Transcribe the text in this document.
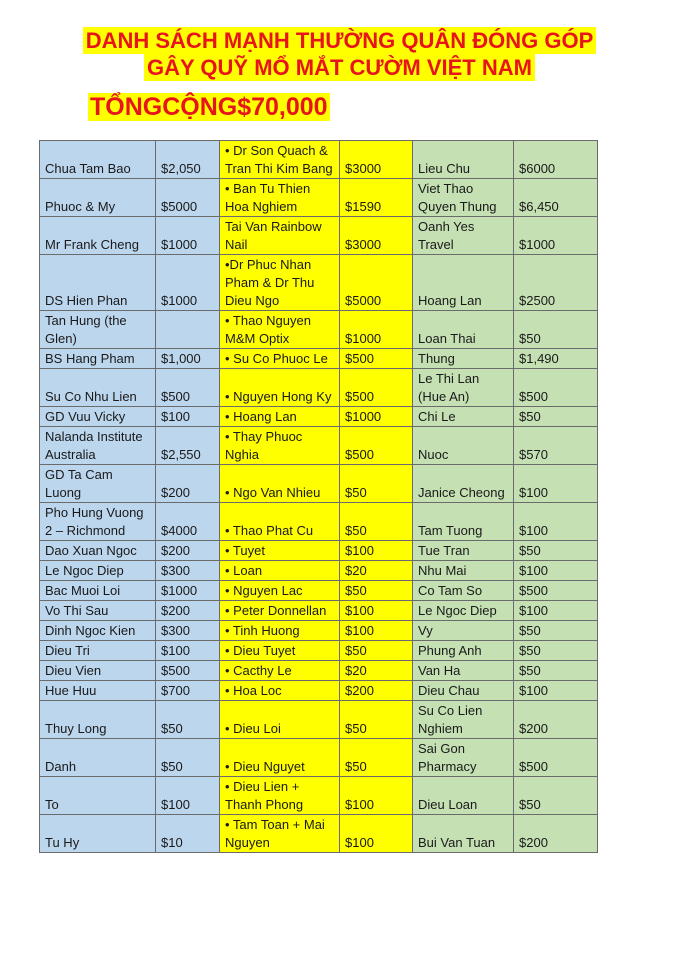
DANH SÁCH MẠNH THƯỜNG QUÂN ĐÓNG GÓP
GÂY QUỸ MỔ MẮT CƯỜM VIỆT NAM
TỔNGCỘNG$70,000
Chua Tam Bao	$2,050	• Dr Son Quach & Tran Thi Kim Bang	$3000	Lieu Chu	$6000
Phuoc & My	$5000	• Ban Tu Thien Hoa Nghiem	$1590	Viet Thao Quyen Thung	$6,450
Mr Frank Cheng	$1000	Tai Van Rainbow Nail	$3000	Oanh Yes Travel	$1000
DS Hien Phan	$1000	•Dr Phuc Nhan Pham & Dr Thu Dieu Ngo	$5000	Hoang Lan	$2500
Tan Hung (the Glen)		• Thao Nguyen M&M Optix	$1000	Loan Thai	$50
BS Hang Pham	$1,000	• Su Co Phuoc Le	$500	Thung	$1,490
Su Co Nhu Lien	$500	• Nguyen Hong Ky	$500	Le Thi Lan (Hue An)	$500
GD Vuu Vicky	$100	• Hoang Lan	$1000	Chi Le	$50
Nalanda Institute Australia	$2,550	• Thay Phuoc Nghia	$500	Nuoc	$570
GD Ta Cam Luong	$200	• Ngo Van Nhieu	$50	Janice Cheong	$100
Pho Hung Vuong 2 – Richmond	$4000	• Thao Phat Cu	$50	Tam Tuong	$100
Dao Xuan Ngoc	$200	• Tuyet	$100	Tue Tran	$50
Le Ngoc Diep	$300	• Loan	$20	Nhu Mai	$100
Bac Muoi Loi	$1000	• Nguyen Lac	$50	Co Tam So	$500
Vo Thi Sau	$200	• Peter Donnellan	$100	Le Ngoc Diep	$100
Dinh Ngoc Kien	$300	• Tinh Huong	$100	Vy	$50
Dieu Tri	$100	• Dieu Tuyet	$50	Phung Anh	$50
Dieu Vien	$500	• Cacthy Le	$20	Van Ha	$50
Hue Huu	$700	• Hoa Loc	$200	Dieu Chau	$100
Thuy Long	$50	• Dieu Loi	$50	Su Co Lien Nghiem	$200
Danh	$50	• Dieu Nguyet	$50	Sai Gon Pharmacy	$500
To	$100	• Dieu Lien + Thanh Phong	$100	Dieu Loan	$50
Tu Hy	$10	• Tam Toan + Mai Nguyen	$100	Bui Van Tuan	$200
